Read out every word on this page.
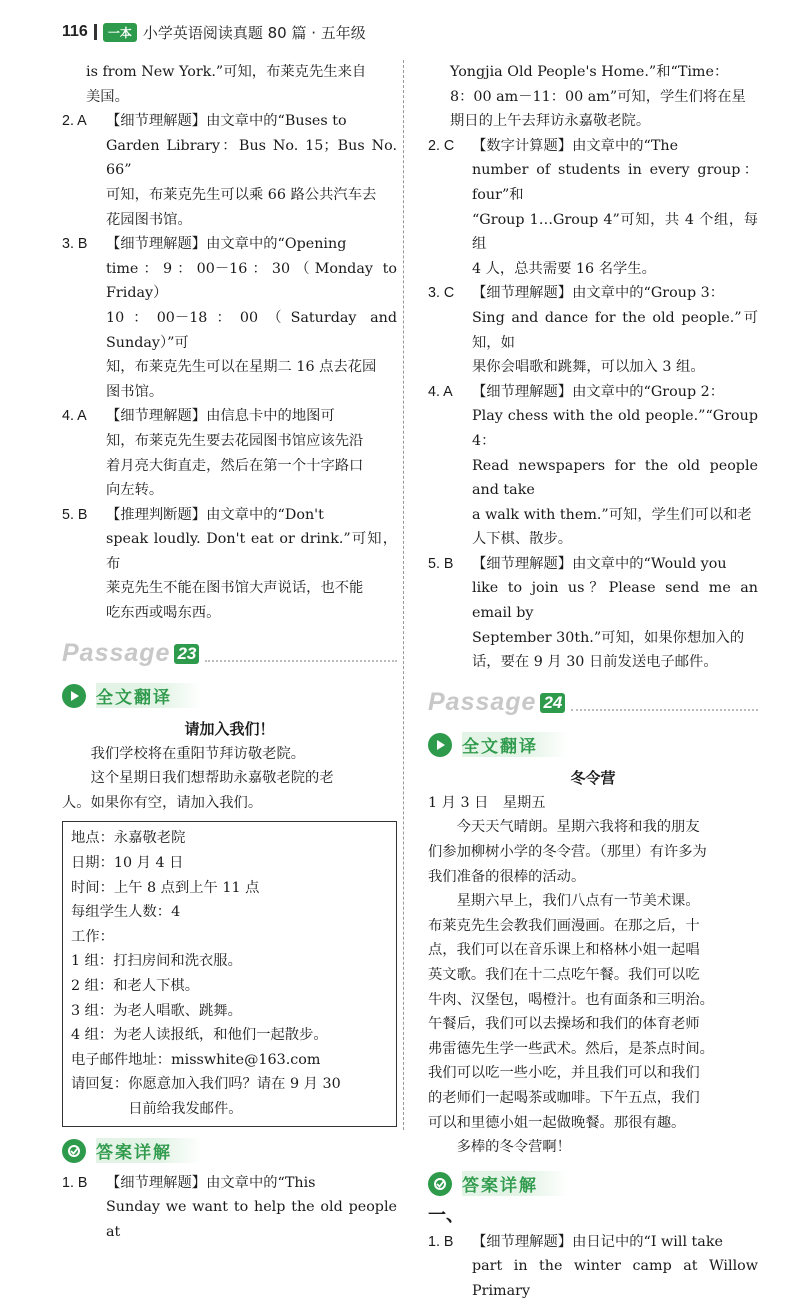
116	一本 小学英语阅读真题 80 篇 · 五年级

is from New York.”可知，布莱克先生来自

美国。

2. A	【细节理解题】由文章中的“Buses to
Garden Library：Bus No. 15；Bus No. 66”
可知，布莱克先生可以乘 66 路公共汽车去
花园图书馆。
3. B	【细节理解题】由文章中的“Opening
time：9：00－16：30（Monday to Friday）
10：00－18：00（Saturday and Sunday）”可
知，布莱克先生可以在星期二 16 点去花园
图书馆。
4. A	【细节理解题】由信息卡中的地图可
知，布莱克先生要去花园图书馆应该先沿
着月亮大街直走，然后在第一个十字路口
向左转。
5. B	【推理判断题】由文章中的“Don't
speak loudly. Don't eat or drink.”可知，布
莱克先生不能在图书馆大声说话，也不能
吃东西或喝东西。
Passage 23
全文翻译
请加入我们！

我们学校将在重阳节拜访敬老院。

这个星期日我们想帮助永嘉敬老院的老

人。如果你有空，请加入我们。

地点：永嘉敬老院

日期：10 月 4 日

时间：上午 8 点到上午 11 点

每组学生人数：4

工作：

1 组：打扫房间和洗衣服。

2 组：和老人下棋。

3 组：为老人唱歌、跳舞。

4 组：为老人读报纸，和他们一起散步。

电子邮件地址：misswhite@163.com

请回复：你愿意加入我们吗？请在 9 月 30

日前给我发邮件。

答案详解
1. B	【细节理解题】由文章中的“This
Sunday we want to help the old people at

Yongjia Old People's Home.”和“Time：

8：00 am－11：00 am”可知，学生们将在星

期日的上午去拜访永嘉敬老院。

2. C	【数字计算题】由文章中的“The
number of students in every group：four”和
“Group 1…Group 4”可知，共 4 个组，每组
4 人，总共需要 16 名学生。
3. C	【细节理解题】由文章中的“Group 3：
Sing and dance for the old people.”可知，如
果你会唱歌和跳舞，可以加入 3 组。
4. A	【细节理解题】由文章中的“Group 2：
Play chess with the old people.”“Group 4：
Read newspapers for the old people and take
a walk with them.”可知，学生们可以和老
人下棋、散步。
5. B	【细节理解题】由文章中的“Would you
like to join us？Please send me an email by
September 30th.”可知，如果你想加入的
话，要在 9 月 30 日前发送电子邮件。
Passage 24
全文翻译
冬令营

1 月 3 日　星期五

今天天气晴朗。星期六我将和我的朋友
们参加柳树小学的冬令营。（那里）有许多为
我们准备的很棒的活动。

星期六早上，我们八点有一节美术课。
布莱克先生会教我们画漫画。在那之后，十
点，我们可以在音乐课上和格林小姐一起唱
英文歌。我们在十二点吃午餐。我们可以吃
牛肉、汉堡包，喝橙汁。也有面条和三明治。
午餐后，我们可以去操场和我们的体育老师
弗雷德先生学一些武术。然后，是茶点时间。
我们可以吃一些小吃，并且我们可以和我们
的老师们一起喝茶或咖啡。下午五点，我们
可以和里德小姐一起做晚餐。那很有趣。

多棒的冬令营啊！

答案详解
一、
1. B	【细节理解题】由日记中的“I will take
part in the winter camp at Willow Primary
